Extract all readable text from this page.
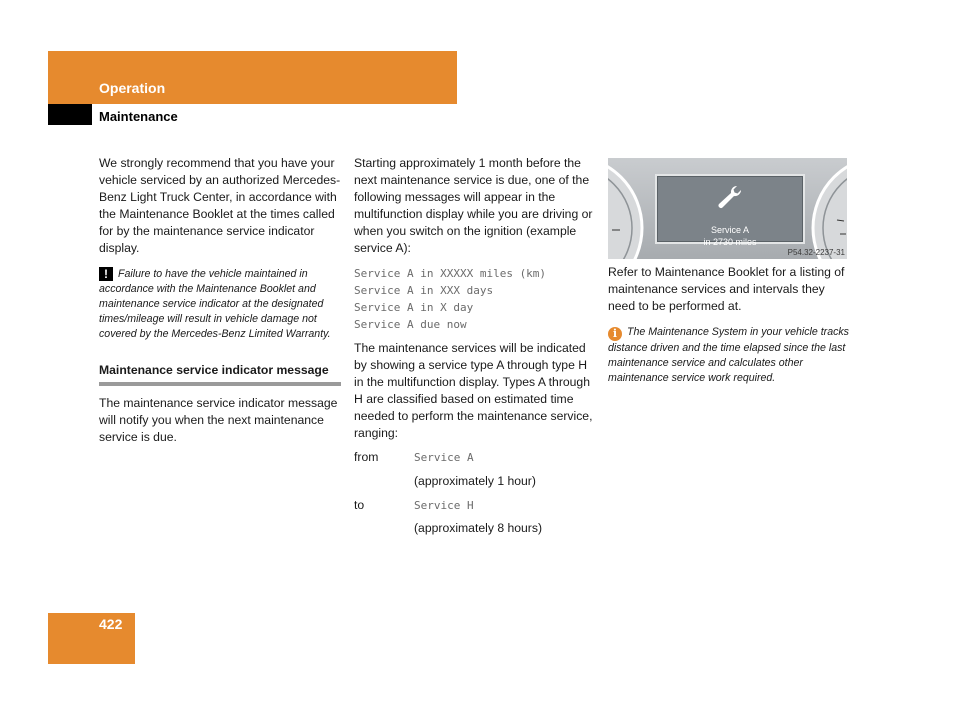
Operation
Maintenance

We strongly recommend that you have your vehicle serviced by an authorized Mercedes-Benz Light Truck Center, in accordance with the Maintenance Booklet at the times called for by the maintenance service indicator display.

! Failure to have the vehicle maintained in accordance with the Maintenance Booklet and maintenance service indicator at the designated times/mileage will result in vehicle damage not covered by the Mercedes-Benz Limited Warranty.

Maintenance service indicator message

The maintenance service indicator message will notify you when the next maintenance service is due.

Starting approximately 1 month before the next maintenance service is due, one of the following messages will appear in the multifunction display while you are driving or when you switch on the ignition (example service A):

Service A in XXXXX miles (km)
Service A in XXX days
Service A in X day
Service A due now

The maintenance services will be indicated by showing a service type A through type H in the multifunction display. Types A through H are classified based on estimated time needed to perform the maintenance service, ranging:

from	Service A
(approximately 1 hour)
to	Service H
(approximately 8 hours)
Service A
in 2730 miles
P54.32-2237-31

Refer to Maintenance Booklet for a listing of maintenance services and intervals they need to be performed at.

i The Maintenance System in your vehicle tracks distance driven and the time elapsed since the last maintenance service and calculates other maintenance service work required.

422
